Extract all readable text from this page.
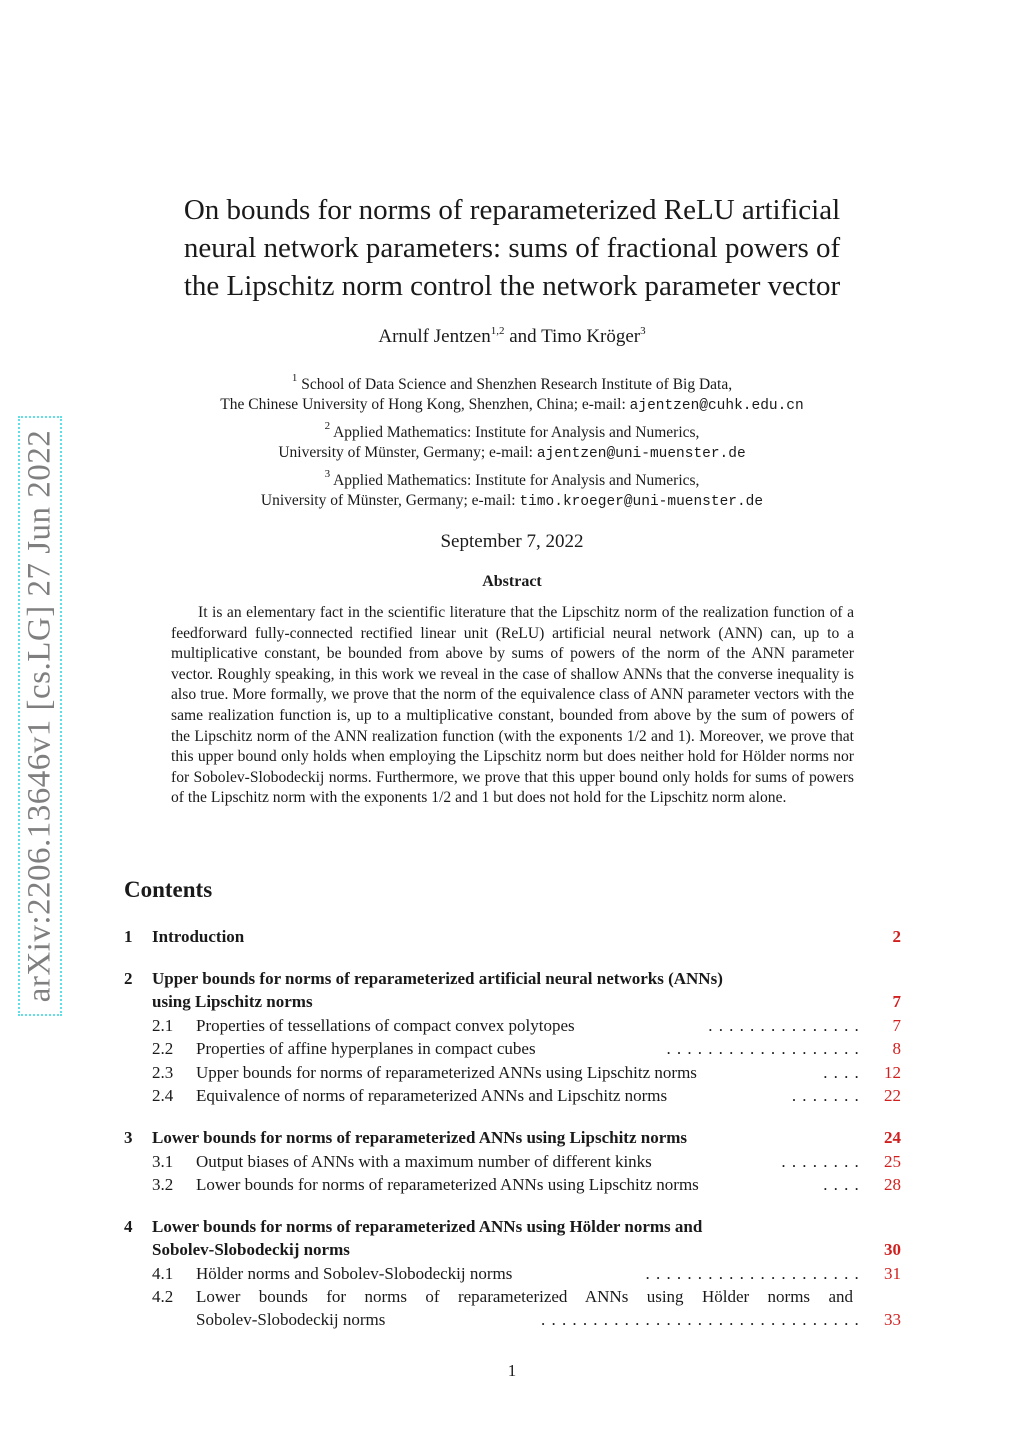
arXiv:2206.13646v1 [cs.LG] 27 Jun 2022
On bounds for norms of reparameterized ReLU artificial
neural network parameters: sums of fractional powers of
the Lipschitz norm control the network parameter vector
Arnulf Jentzen$^{1,2}$ and Timo Kröger$^3$
$^1$ School of Data Science and Shenzhen Research Institute of Big Data,
The Chinese University of Hong Kong, Shenzhen, China; e-mail: ajentzen@cuhk.edu.cn
$^2$ Applied Mathematics: Institute for Analysis and Numerics,
University of Münster, Germany; e-mail: ajentzen@uni-muenster.de
$^3$ Applied Mathematics: Institute for Analysis and Numerics,
University of Münster, Germany; e-mail: timo.kroeger@uni-muenster.de
September 7, 2022
Abstract

It is an elementary fact in the scientific literature that the Lipschitz norm of the realization function of a feedforward fully-connected rectified linear unit (ReLU) artificial neural network (ANN) can, up to a multiplicative constant, be bounded from above by sums of powers of the norm of the ANN parameter vector. Roughly speaking, in this work we reveal in the case of shallow ANNs that the converse inequality is also true. More formally, we prove that the norm of the equivalence class of ANN parameter vectors with the same realization function is, up to a multiplicative constant, bounded from above by the sum of powers of the Lipschitz norm of the ANN realization function (with the exponents 1/2 and 1). Moreover, we prove that this upper bound only holds when employing the Lipschitz norm but does neither hold for Hölder norms nor for Sobolev-Slobodeckij norms. Furthermore, we prove that this upper bound only holds for sums of powers of the Lipschitz norm with the exponents 1/2 and 1 but does not hold for the Lipschitz norm alone.

Contents
1 Introduction	2
2 Upper bounds for norms of reparameterized artificial neural networks (ANNs)
using Lipschitz norms	7
2.1 Properties of tessellations of compact convex polytopes	............... 7
2.2 Properties of affine hyperplanes in compact cubes	................... 8
2.3 Upper bounds for norms of reparameterized ANNs using Lipschitz norms	.... 12
2.4 Equivalence of norms of reparameterized ANNs and Lipschitz norms	....... 22
3 Lower bounds for norms of reparameterized ANNs using Lipschitz norms	24
3.1 Output biases of ANNs with a maximum number of different kinks	........ 25
3.2 Lower bounds for norms of reparameterized ANNs using Lipschitz norms	.... 28
4 Lower bounds for norms of reparameterized ANNs using Hölder norms and
Sobolev-Slobodeckij norms	30
4.1 Hölder norms and Sobolev-Slobodeckij norms	..................... 31
4.2 Lower bounds for norms of reparameterized ANNs using Hölder norms and
Sobolev-Slobodeckij norms	............................... 33
1
